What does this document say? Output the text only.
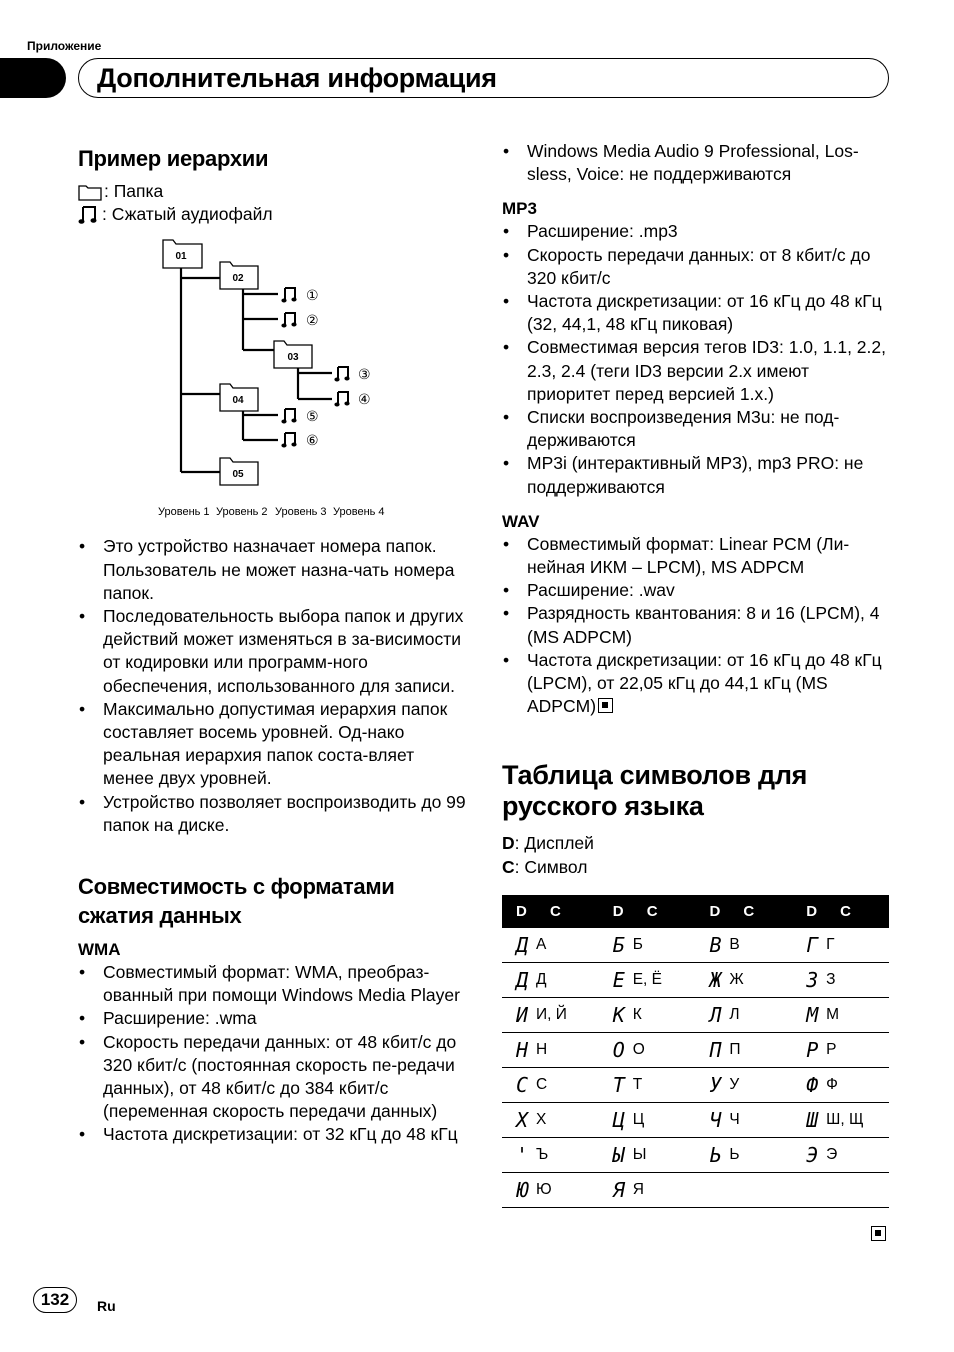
Приложение
Дополнительная информация
Пример иерархии

: Папка

: Сжатый аудиофайл

01
02
03
04
05
①
②
③
④
⑤
⑥
Уровень 1 Уровень 2 Уровень 3 Уровень 4
• Это устройство назначает номера папок. Пользователь не может назна-чать номера папок.
• Последовательность выбора папок и других действий может изменяться в за-висимости от кодировки или программ-ного обеспечения, использованного для записи.
• Максимально допустимая иерархия папок составляет восемь уровней. Од-нако реальная иерархия папок соста-вляет менее двух уровней.
• Устройство позволяет воспроизводить до 99 папок на диске.
Совместимость с форматами сжатия данных
WMA
• Совместимый формат: WMA, преобраз-ованный при помощи Windows Media Player
• Расширение: .wma
• Скорость передачи данных: от 48 кбит/с до 320 кбит/с (постоянная скорость пе-редачи данных), от 48 кбит/с до 384 кбит/с (переменная скорость передачи данных)
• Частота дискретизации: от 32 кГц до 48 кГц
• Windows Media Audio 9 Professional, Los-sless, Voice: не поддерживаются
MP3
• Расширение: .mp3
• Скорость передачи данных: от 8 кбит/с до 320 кбит/с
• Частота дискретизации: от 16 кГц до 48 кГц (32, 44,1, 48 кГц пиковая)
• Совместимая версия тегов ID3: 1.0, 1.1, 2.2, 2.3, 2.4 (теги ID3 версии 2.x имеют приоритет перед версией 1.x.)
• Списки воспроизведения M3u: не под-держиваются
• MP3i (интерактивный MP3), mp3 PRO: не поддерживаются
WAV
• Совместимый формат: Linear PCM (Ли-нейная ИКМ – LPCM), MS ADPCM
• Расширение: .wav
• Разрядность квантования: 8 и 16 (LPCM), 4 (MS ADPCM)
• Частота дискретизации: от 16 кГц до 48 кГц (LPCM), от 22,05 кГц до 44,1 кГц (MS ADPCM)
Таблица символов для русского языка

D: Дисплей

C: Символ

D	C	D	C	D	C	D	C
Д	А	Б	Б	В	В	Г	Г
Д	Д	Е	Е, Ё	Ж	Ж	З	З
И	И, Й	К	К	Л	Л	М	М
Н	Н	О	О	П	П	Р	Р
С	С	Т	Т	У	У	Ф	Ф
Х	Х	Ц	Ц	Ч	Ч	Ш	Ш, Щ
'	Ъ	Ы	Ы	Ь	Ь	Э	Э
Ю	Ю	Я	Я				
132	Ru
